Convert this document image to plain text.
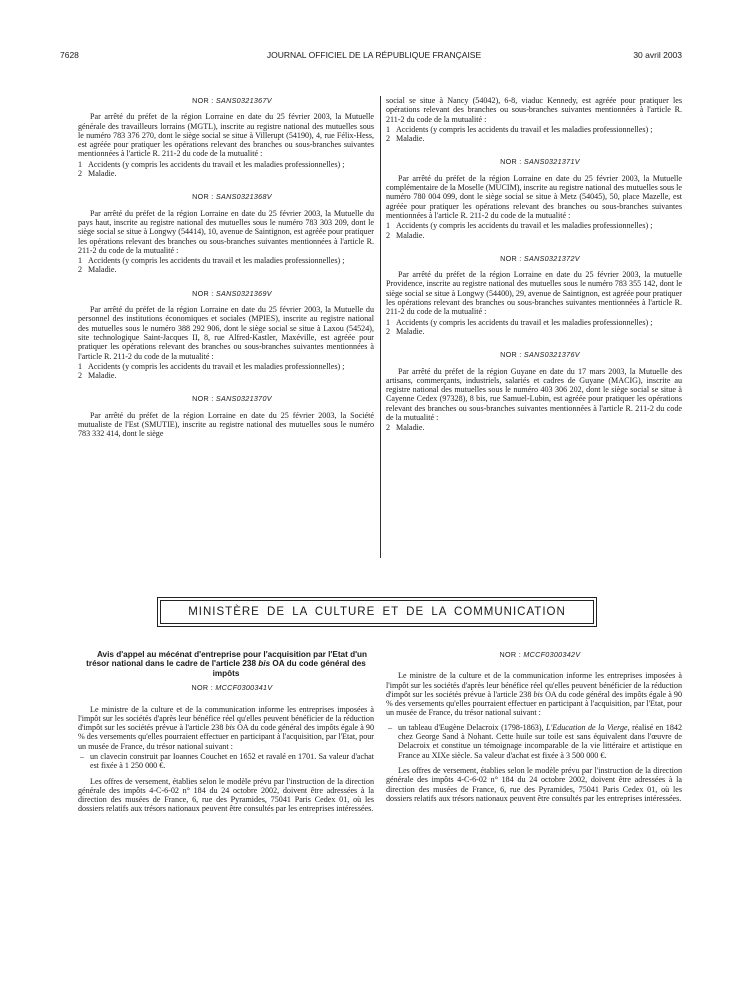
7628	JOURNAL OFFICIEL DE LA RÉPUBLIQUE FRANÇAISE	30 avril 2003

NOR : SANS0321367V

Par arrêté du préfet de la région Lorraine en date du 25 février 2003, la Mutuelle générale des travailleurs lorrains (MGTL), inscrite au registre national des mutuelles sous le numéro 783 376 270, dont le siège social se situe à Villerupt (54190), 4, rue Félix-Hess, est agréée pour pratiquer les opérations relevant des branches ou sous-branches suivantes mentionnées à l'article R. 211-2 du code de la mutualité :

1 Accidents (y compris les accidents du travail et les maladies professionnelles) ;
2 Maladie.

NOR : SANS0321368V

Par arrêté du préfet de la région Lorraine en date du 25 février 2003, la Mutuelle du pays haut, inscrite au registre national des mutuelles sous le numéro 783 303 209, dont le siège social se situe à Longwy (54414), 10, avenue de Saintignon, est agréée pour pratiquer les opérations relevant des branches ou sous-branches suivantes mentionnées à l'article R. 211-2 du code de la mutualité :

1 Accidents (y compris les accidents du travail et les maladies professionnelles) ;
2 Maladie.

NOR : SANS0321369V

Par arrêté du préfet de la région Lorraine en date du 25 février 2003, la Mutuelle du personnel des institutions économiques et sociales (MPIES), inscrite au registre national des mutuelles sous le numéro 388 292 906, dont le siège social se situe à Laxou (54524), site technologique Saint-Jacques II, 8, rue Alfred-Kastler, Maxéville, est agréée pour pratiquer les opérations relevant des branches ou sous-branches suivantes mentionnées à l'article R. 211-2 du code de la mutualité :

1 Accidents (y compris les accidents du travail et les maladies professionnelles) ;
2 Maladie.

NOR : SANS0321370V

Par arrêté du préfet de la région Lorraine en date du 25 février 2003, la Société mutualiste de l'Est (SMUTIE), inscrite au registre national des mutuelles sous le numéro 783 332 414, dont le siège

social se situe à Nancy (54042), 6-8, viaduc Kennedy, est agréée pour pratiquer les opérations relevant des branches ou sous-branches suivantes mentionnées à l'article R. 211-2 du code de la mutualité :

1 Accidents (y compris les accidents du travail et les maladies professionnelles) ;
2 Maladie.

NOR : SANS0321371V

Par arrêté du préfet de la région Lorraine en date du 25 février 2003, la Mutuelle complémentaire de la Moselle (MUCIM), inscrite au registre national des mutuelles sous le numéro 780 004 099, dont le siège social se situe à Metz (54045), 50, place Mazelle, est agréée pour pratiquer les opérations relevant des branches ou sous-branches suivantes mentionnées à l'article R. 211-2 du code de la mutualité :

1 Accidents (y compris les accidents du travail et les maladies professionnelles) ;
2 Maladie.

NOR : SANS0321372V

Par arrêté du préfet de la région Lorraine en date du 25 février 2003, la mutuelle Providence, inscrite au registre national des mutuelles sous le numéro 783 355 142, dont le siège social se situe à Longwy (54400), 29, avenue de Saintignon, est agréée pour pratiquer les opérations relevant des branches ou sous-branches suivantes mentionnées à l'article R. 211-2 du code de la mutualité :

1 Accidents (y compris les accidents du travail et les maladies professionnelles) ;
2 Maladie.

NOR : SANS0321376V

Par arrêté du préfet de la région Guyane en date du 17 mars 2003, la Mutuelle des artisans, commerçants, industriels, salariés et cadres de Guyane (MACIG), inscrite au registre national des mutuelles sous le numéro 403 306 202, dont le siège social se situe à Cayenne Cedex (97328), 8 bis, rue Samuel-Lubin, est agréée pour pratiquer les opérations relevant des branches ou sous-branches suivantes mentionnées à l'article R. 211-2 du code de la mutualité :

2 Maladie.
MINISTÈRE DE LA CULTURE ET DE LA COMMUNICATION

Avis d'appel au mécénat d'entreprise pour l'acquisition par l'Etat d'un trésor national dans le cadre de l'article 238 bis OA du code général des impôts

NOR : MCCF0300341V

Le ministre de la culture et de la communication informe les entreprises imposées à l'impôt sur les sociétés d'après leur bénéfice réel qu'elles peuvent bénéficier de la réduction d'impôt sur les sociétés prévue à l'article 238 bis OA du code général des impôts égale à 90 % des versements qu'elles pourraient effectuer en participant à l'acquisition, par l'Etat, pour un musée de France, du trésor national suivant :

– un clavecin construit par Ioannes Couchet en 1652 et ravalé en 1701. Sa valeur d'achat est fixée à 1 250 000 €.

Les offres de versement, établies selon le modèle prévu par l'instruction de la direction générale des impôts 4-C-6-02 n° 184 du 24 octobre 2002, doivent être adressées à la direction des musées de France, 6, rue des Pyramides, 75041 Paris Cedex 01, où les dossiers relatifs aux trésors nationaux peuvent être consultés par les entreprises intéressées.

NOR : MCCF0300342V

Le ministre de la culture et de la communication informe les entreprises imposées à l'impôt sur les sociétés d'après leur bénéfice réel qu'elles peuvent bénéficier de la réduction d'impôt sur les sociétés prévue à l'article 238 bis OA du code général des impôts égale à 90 % des versements qu'elles pourraient effectuer en participant à l'acquisition, par l'Etat, pour un musée de France, du trésor national suivant :

– un tableau d'Eugène Delacroix (1798-1863), L'Education de la Vierge, réalisé en 1842 chez George Sand à Nohant. Cette huile sur toile est sans équivalent dans l'œuvre de Delacroix et constitue un témoignage incomparable de la vie littéraire et artistique en France au XIXe siècle. Sa valeur d'achat est fixée à 3 500 000 €.

Les offres de versement, établies selon le modèle prévu par l'instruction de la direction générale des impôts 4-C-6-02 n° 184 du 24 octobre 2002, doivent être adressées à la direction des musées de France, 6, rue des Pyramides, 75041 Paris Cedex 01, où les dossiers relatifs aux trésors nationaux peuvent être consultés par les entreprises intéressées.
